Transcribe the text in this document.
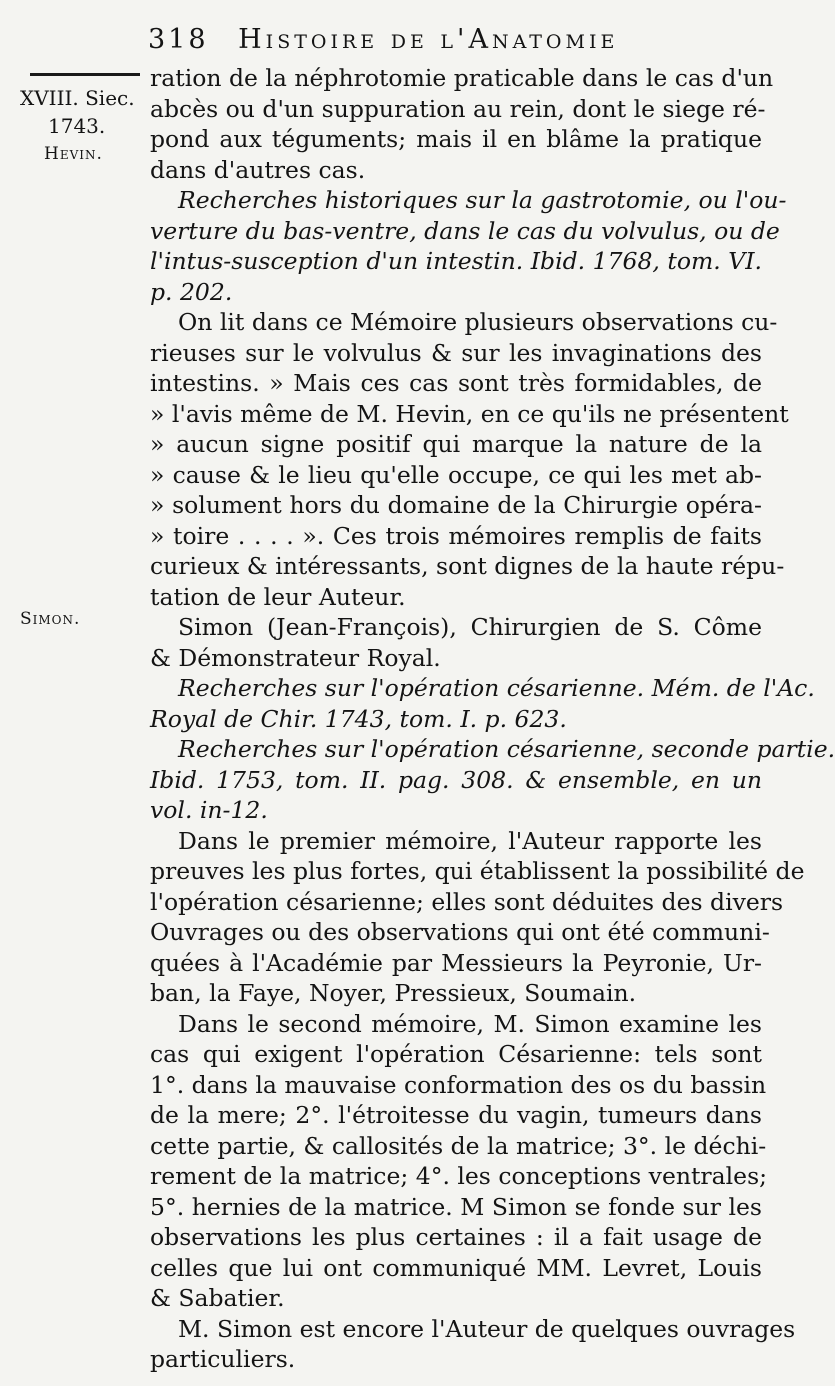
318 Histoire de l'Anatomie
XVIII. Siec.
1743.
Hevin.
Simon.
ration de la néphrotomie praticable dans le cas d'un
abcès ou d'un suppuration au rein, dont le siege ré-
pond aux téguments; mais il en blâme la pratique
dans d'autres cas.
Recherches historiques sur la gastrotomie, ou l'ou-
verture du bas-ventre, dans le cas du volvulus, ou de
l'intus-susception d'un intestin. Ibid. 1768, tom. VI.
p. 202.
On lit dans ce Mémoire plusieurs observations cu-
rieuses sur le volvulus & sur les invaginations des
intestins. » Mais ces cas sont très formidables, de
» l'avis même de M. Hevin, en ce qu'ils ne présentent
» aucun signe positif qui marque la nature de la
» cause & le lieu qu'elle occupe, ce qui les met ab-
» solument hors du domaine de la Chirurgie opéra-
» toire . . . . ». Ces trois mémoires remplis de faits
curieux & intéressants, sont dignes de la haute répu-
tation de leur Auteur.
Simon (Jean-François), Chirurgien de S. Côme
& Démonstrateur Royal.
Recherches sur l'opération césarienne. Mém. de l'Ac.
Royal de Chir. 1743, tom. I. p. 623.
Recherches sur l'opération césarienne, seconde partie.
Ibid. 1753, tom. II. pag. 308. & ensemble, en un
vol. in-12.
Dans le premier mémoire, l'Auteur rapporte les
preuves les plus fortes, qui établissent la possibilité de
l'opération césarienne; elles sont déduites des divers
Ouvrages ou des observations qui ont été communi-
quées à l'Académie par Messieurs la Peyronie, Ur-
ban, la Faye, Noyer, Pressieux, Soumain.
Dans le second mémoire, M. Simon examine les
cas qui exigent l'opération Césarienne: tels sont
1°. dans la mauvaise conformation des os du bassin
de la mere; 2°. l'étroitesse du vagin, tumeurs dans
cette partie, & callosités de la matrice; 3°. le déchi-
rement de la matrice; 4°. les conceptions ventrales;
5°. hernies de la matrice. M Simon se fonde sur les
observations les plus certaines : il a fait usage de
celles que lui ont communiqué MM. Levret, Louis
& Sabatier.
M. Simon est encore l'Auteur de quelques ouvrages
particuliers.
